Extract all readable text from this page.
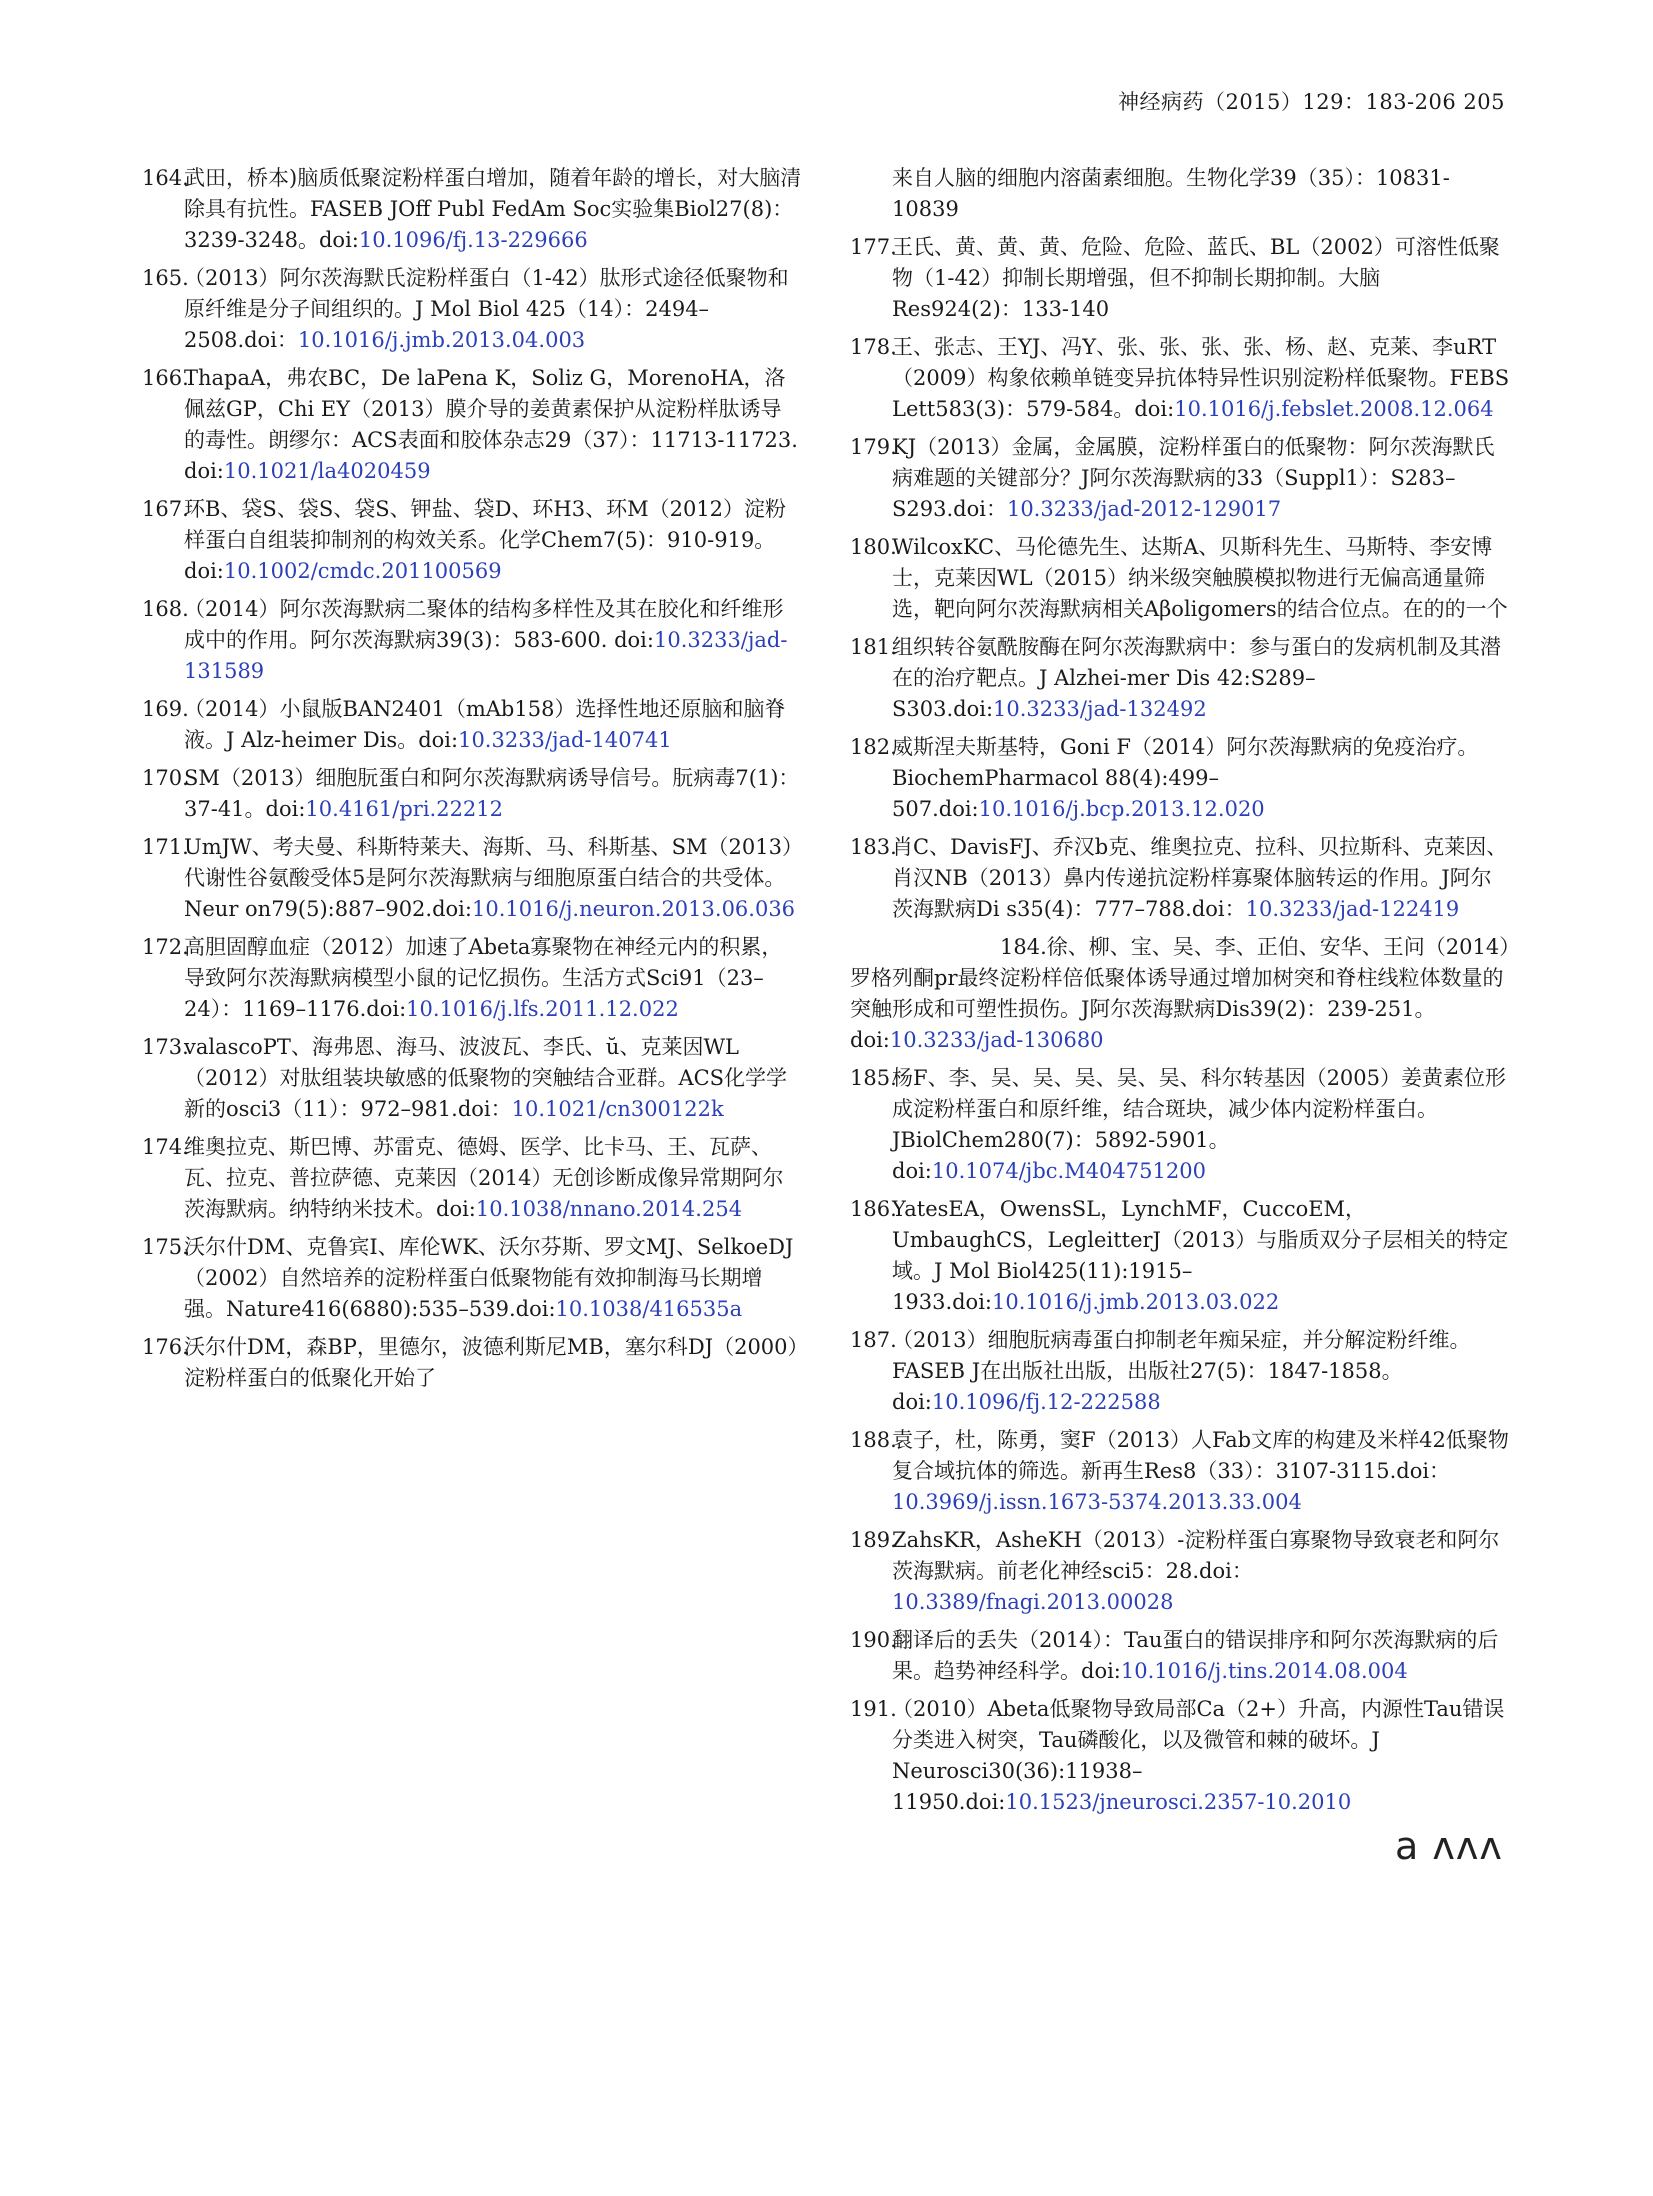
神经病药（2015）129：183-206 205
164.
武田，桥本)脑质低聚淀粉样蛋白增加，随着年龄的增长，对大脑清除具有抗性。FASEB JOff Publ FedAm Soc实验集Biol27(8)：3239-3248。doi:10.1096/fj.13-229666
165.
（2013）阿尔茨海默氏淀粉样蛋白（1-42）肽形式途径低聚物和原纤维是分子间组织的。J Mol Biol 425（14）：2494–2508.doi：10.1016/j.jmb.2013.04.003
166.
ThapaA，弗农BC，De laPena K，Soliz G，MorenoHA，洛佩兹GP，Chi EY（2013）膜介导的姜黄素保护从淀粉样肽诱导的毒性。朗缪尔：ACS表面和胶体杂志29（37）：11713-11723. doi:10.1021/la4020459
167.
环B、袋S、袋S、袋S、钾盐、袋D、环H3、环M（2012）淀粉样蛋白自组装抑制剂的构效关系。化学Chem7(5)：910-919。doi:10.1002/cmdc.201100569
168.
（2014）阿尔茨海默病二聚体的结构多样性及其在胶化和纤维形成中的作用。阿尔茨海默病39(3)：583-600. doi:10.3233/jad-131589
169.
（2014）小鼠版BAN2401（mAb158）选择性地还原脑和脑脊液。J Alz-heimer Dis。doi:10.3233/jad-140741
170.
SM（2013）细胞朊蛋白和阿尔茨海默病诱导信号。朊病毒7(1)：37-41。doi:10.4161/pri.22212
171.
UmJW、考夫曼、科斯特莱夫、海斯、马、科斯基、SM（2013）代谢性谷氨酸受体5是阿尔茨海默病与细胞原蛋白结合的共受体。Neur on79(5):887–902.doi:10.1016/j.neuron.2013.06.036
172.
高胆固醇血症（2012）加速了Abeta寡聚物在神经元内的积累，导致阿尔茨海默病模型小鼠的记忆损伤。生活方式Sci91（23–24）：1169–1176.doi:10.1016/j.lfs.2011.12.022
173.
valascoPT、海弗恩、海马、波波瓦、李氏、ŭ、克莱因WL（2012）对肽组装块敏感的低聚物的突触结合亚群。ACS化学学新的osci3（11）：972–981.doi：10.1021/cn300122k
174.
维奥拉克、斯巴博、苏雷克、德姆、医学、比卡马、王、瓦萨、瓦、拉克、普拉萨德、克莱因（2014）无创诊断成像异常期阿尔茨海默病。纳特纳米技术。doi:10.1038/nnano.2014.254
175.
沃尔什DM、克鲁宾I、库伦WK、沃尔芬斯、罗文MJ、SelkoeDJ（2002）自然培养的淀粉样蛋白低聚物能有效抑制海马长期增强。Nature416(6880):535–539.doi:10.1038/416535a
176.
沃尔什DM，森BP，里德尔，波德利斯尼MB，塞尔科DJ（2000）淀粉样蛋白的低聚化开始了
来自人脑的细胞内溶菌素细胞。生物化学39（35）：10831-10839
177.
王氏、黄、黄、黄、危险、危险、蓝氏、BL（2002）可溶性低聚物（1-42）抑制长期增强，但不抑制长期抑制。大脑Res924(2)：133-140
178.
王、张志、王YJ、冯Y、张、张、张、张、杨、赵、克莱、李uRT（2009）构象依赖单链变异抗体特异性识别淀粉样低聚物。FEBS Lett583(3)：579-584。doi:10.1016/j.febslet.2008.12.064
179.
KJ（2013）金属，金属膜，淀粉样蛋白的低聚物：阿尔茨海默氏病难题的关键部分？J阿尔茨海默病的33（Suppl1）：S283–S293.doi：10.3233/jad-2012-129017
180.
WilcoxKC、马伦德先生、达斯A、贝斯科先生、马斯特、李安博士，克莱因WL（2015）纳米级突触膜模拟物进行无偏高通量筛选，靶向阿尔茨海默病相关Aβoligomers的结合位点。在的的一个
181.
组织转谷氨酰胺酶在阿尔茨海默病中：参与蛋白的发病机制及其潜在的治疗靶点。J Alzhei-mer Dis 42:S289–S303.doi:10.3233/jad-132492
182.
威斯涅夫斯基特，Goni F（2014）阿尔茨海默病的免疫治疗。BiochemPharmacol 88(4):499–507.doi:10.1016/j.bcp.2013.12.020
183.
肖C、DavisFJ、乔汉b克、维奥拉克、拉科、贝拉斯科、克莱因、肖汉NB（2013）鼻内传递抗淀粉样寡聚体脑转运的作用。J阿尔茨海默病Di s35(4)：777–788.doi：10.3233/jad-122419
184.徐、柳、宝、吴、李、正伯、安华、王问（2014）罗格列酮pr最终淀粉样倍低聚体诱导通过增加树突和脊柱线粒体数量的突触形成和可塑性损伤。J阿尔茨海默病Dis39(2)：239-251。doi:10.3233/jad-130680
185.
杨F、李、吴、吴、吴、吴、吴、科尔转基因（2005）姜黄素位形成淀粉样蛋白和原纤维，结合斑块，减少体内淀粉样蛋白。JBiolChem280(7)：5892-5901。doi:10.1074/jbc.M404751200
186.
YatesEA，OwensSL，LynchMF，CuccoEM，UmbaughCS，LegleitterJ（2013）与脂质双分子层相关的特定域。J Mol Biol425(11):1915–1933.doi:10.1016/j.jmb.2013.03.022
187.
（2013）细胞朊病毒蛋白抑制老年痴呆症，并分解淀粉纤维。FASEB J在出版社出版，出版社27(5)：1847-1858。doi:10.1096/fj.12-222588
188.
袁子，杜，陈勇，窦F（2013）人Fab文库的构建及米样42低聚物复合域抗体的筛选。新再生Res8（33）：3107-3115.doi：10.3969/j.issn.1673-5374.2013.33.004
189.
ZahsKR，AsheKH（2013）-淀粉样蛋白寡聚物导致衰老和阿尔茨海默病。前老化神经sci5：28.doi：10.3389/fnagi.2013.00028
190.
翻译后的丢失（2014）：Tau蛋白的错误排序和阿尔茨海默病的后果。趋势神经科学。doi:10.1016/j.tins.2014.08.004
191.
（2010）Abeta低聚物导致局部Ca（2+）升高，内源性Tau错误分类进入树突，Tau磷酸化，以及微管和棘的破坏。J Neurosci30(36):11938–11950.doi:10.1523/jneurosci.2357-10.2010
a ᴧᴧᴧ
